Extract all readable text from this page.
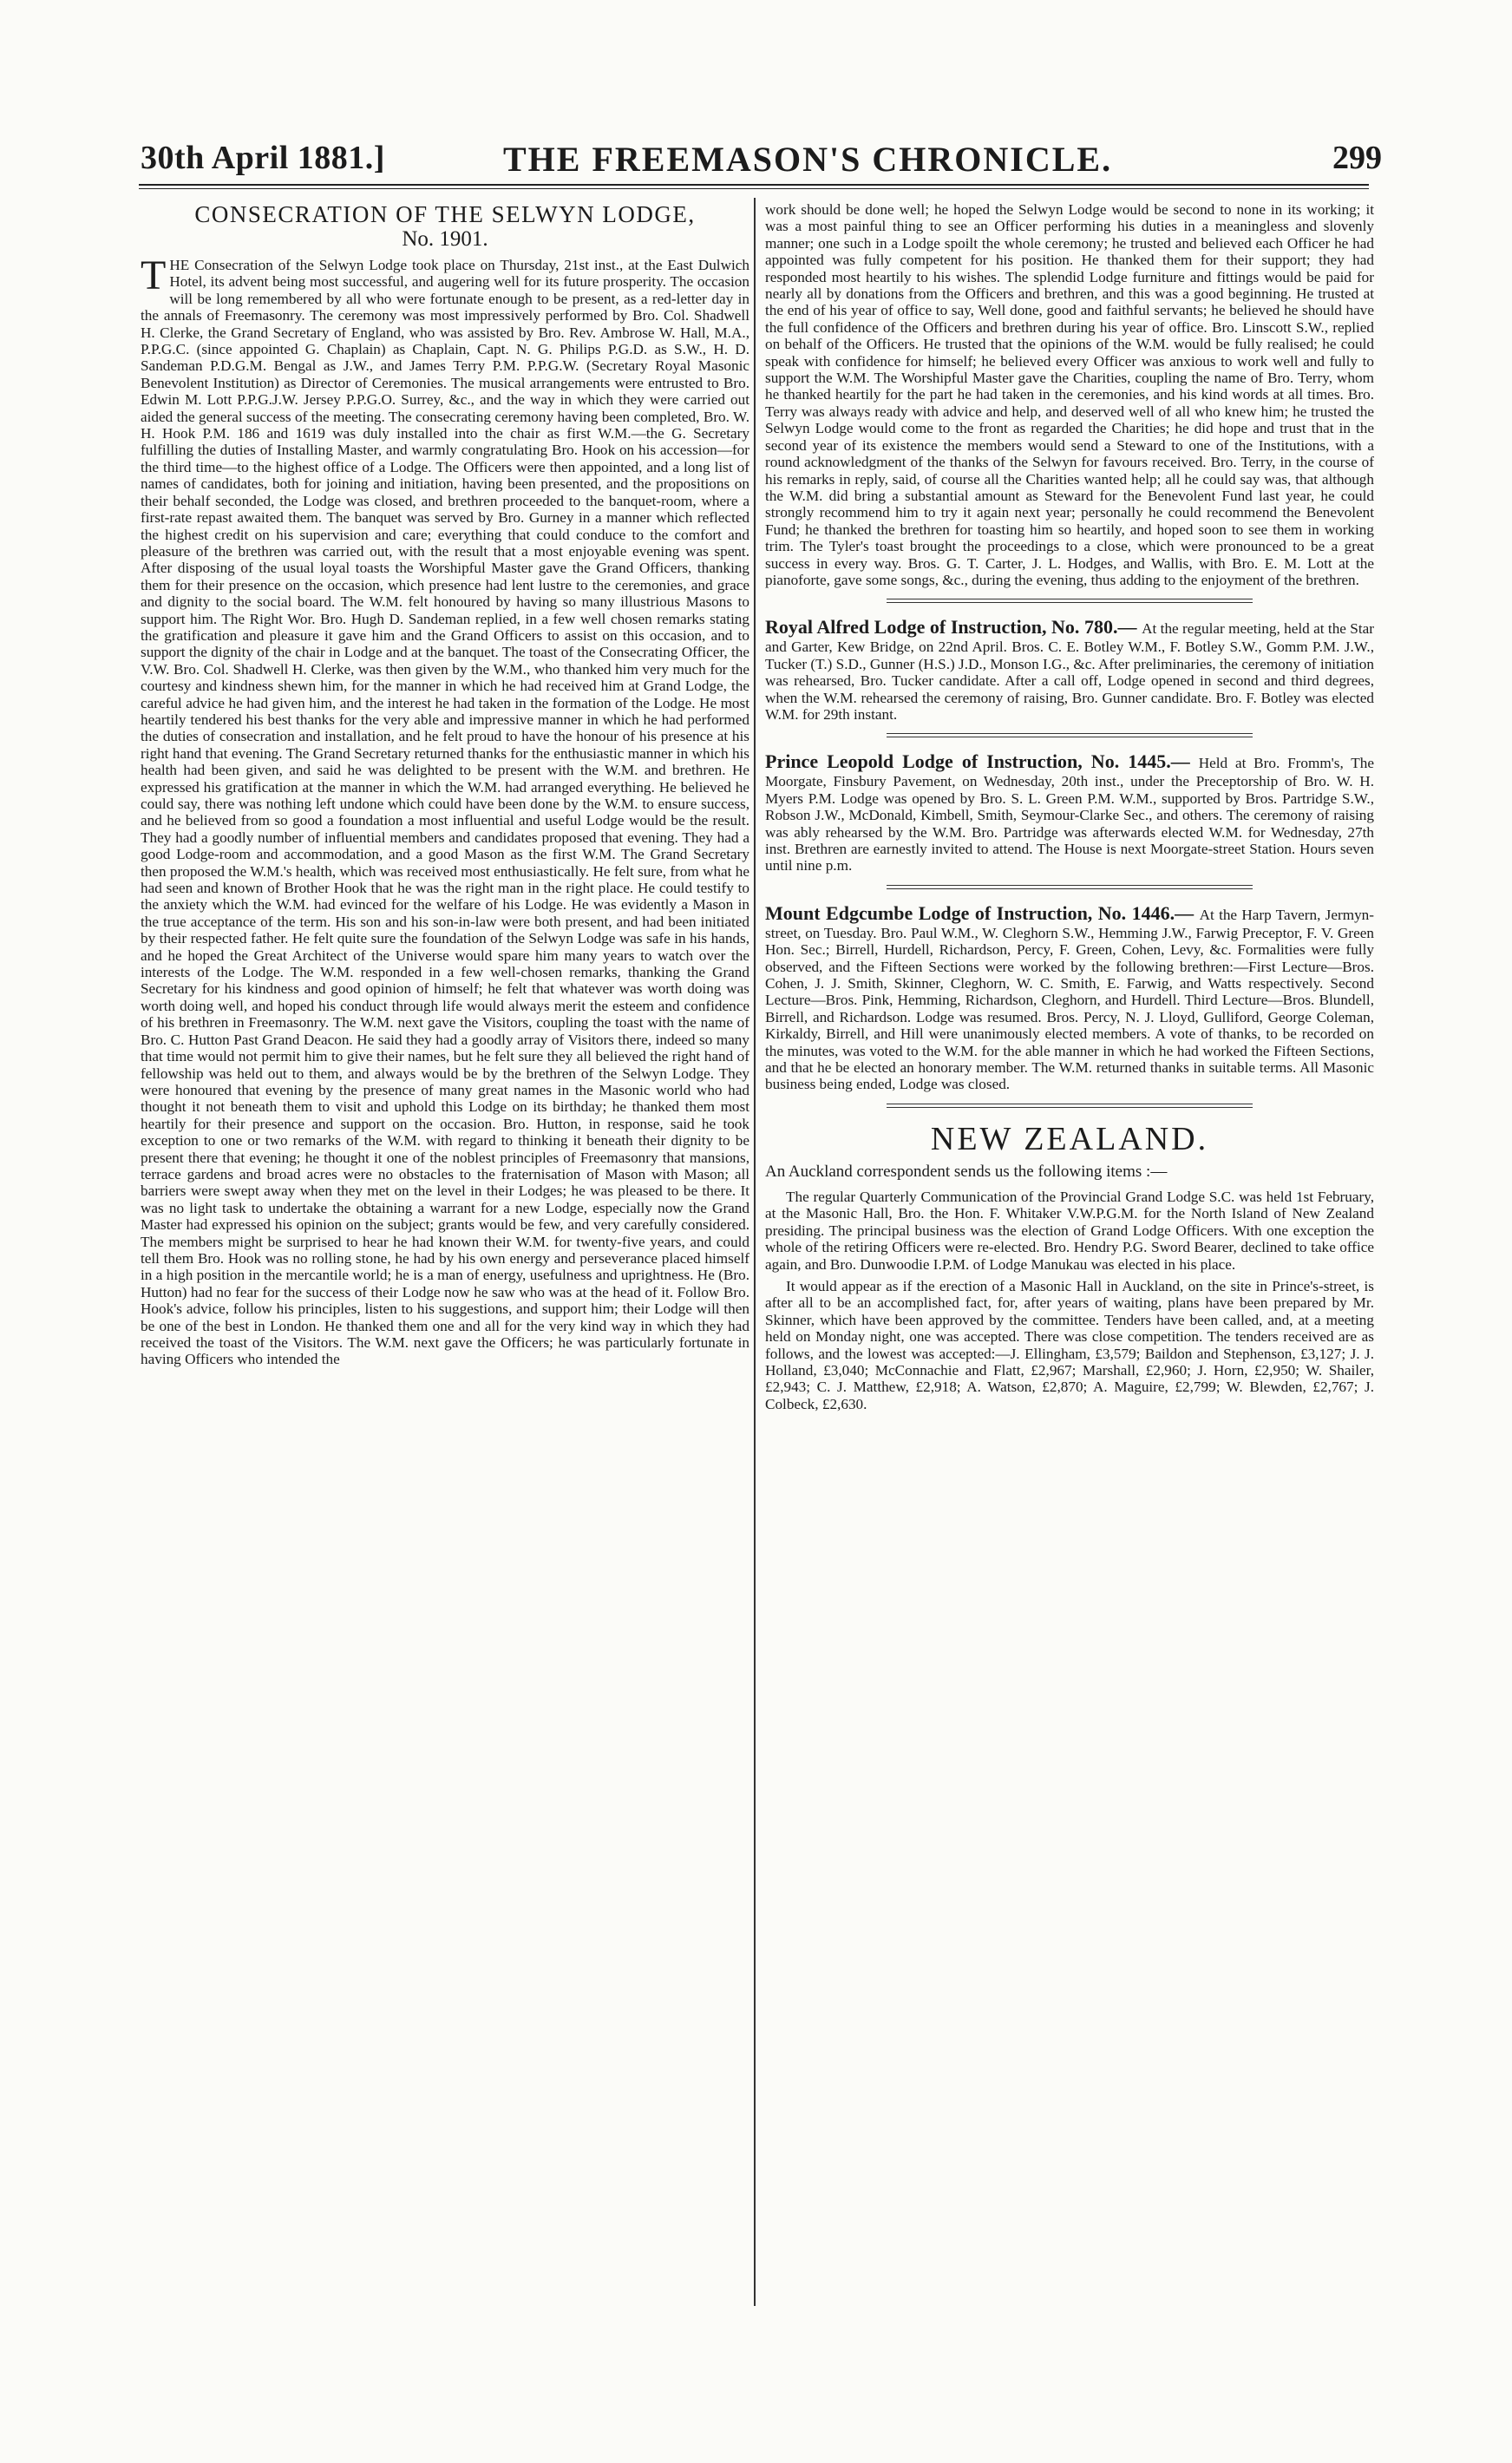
30th April 1881.]	THE FREEMASON'S CHRONICLE.	299

CONSECRATION OF THE SELWYN LODGE,

No. 1901.

T HE Consecration of the Selwyn Lodge took place on Thursday, 21st inst., at the East Dulwich Hotel, its advent being most successful, and augering well for its future prosperity. The occasion will be long remembered by all who were fortunate enough to be present, as a red-letter day in the annals of Freemasonry. The ceremony was most impressively performed by Bro. Col. Shadwell H. Clerke, the Grand Secretary of England, who was assisted by Bro. Rev. Ambrose W. Hall, M.A., P.P.G.C. (since appointed G. Chaplain) as Chaplain, Capt. N. G. Philips P.G.D. as S.W., H. D. Sandeman P.D.G.M. Bengal as J.W., and James Terry P.M. P.P.G.W. (Secretary Royal Masonic Benevolent Institution) as Director of Ceremonies. The musical arrangements were entrusted to Bro. Edwin M. Lott P.P.G.J.W. Jersey P.P.G.O. Surrey, &c., and the way in which they were carried out aided the general success of the meeting. The consecrating ceremony having been completed, Bro. W. H. Hook P.M. 186 and 1619 was duly installed into the chair as first W.M.—the G. Secretary fulfilling the duties of Installing Master, and warmly congratulating Bro. Hook on his accession—for the third time—to the highest office of a Lodge. The Officers were then appointed, and a long list of names of candidates, both for joining and initiation, having been presented, and the propositions on their behalf seconded, the Lodge was closed, and brethren proceeded to the banquet-room, where a first-rate repast awaited them. The banquet was served by Bro. Gurney in a manner which reflected the highest credit on his supervision and care; everything that could conduce to the comfort and pleasure of the brethren was carried out, with the result that a most enjoyable evening was spent. After disposing of the usual loyal toasts the Worshipful Master gave the Grand Officers, thanking them for their presence on the occasion, which presence had lent lustre to the ceremonies, and grace and dignity to the social board. The W.M. felt honoured by having so many illustrious Masons to support him. The Right Wor. Bro. Hugh D. Sandeman replied, in a few well chosen remarks stating the gratification and pleasure it gave him and the Grand Officers to assist on this occasion, and to support the dignity of the chair in Lodge and at the banquet. The toast of the Consecrating Officer, the V.W. Bro. Col. Shadwell H. Clerke, was then given by the W.M., who thanked him very much for the courtesy and kindness shewn him, for the manner in which he had received him at Grand Lodge, the careful advice he had given him, and the interest he had taken in the formation of the Lodge. He most heartily tendered his best thanks for the very able and impressive manner in which he had performed the duties of consecration and installation, and he felt proud to have the honour of his presence at his right hand that evening. The Grand Secretary returned thanks for the enthusiastic manner in which his health had been given, and said he was delighted to be present with the W.M. and brethren. He expressed his gratification at the manner in which the W.M. had arranged everything. He believed he could say, there was nothing left undone which could have been done by the W.M. to ensure success, and he believed from so good a foundation a most influential and useful Lodge would be the result. They had a goodly number of influential members and candidates proposed that evening. They had a good Lodge-room and accommodation, and a good Mason as the first W.M. The Grand Secretary then proposed the W.M.'s health, which was received most enthusiastically. He felt sure, from what he had seen and known of Brother Hook that he was the right man in the right place. He could testify to the anxiety which the W.M. had evinced for the welfare of his Lodge. He was evidently a Mason in the true acceptance of the term. His son and his son-in-law were both present, and had been initiated by their respected father. He felt quite sure the foundation of the Selwyn Lodge was safe in his hands, and he hoped the Great Architect of the Universe would spare him many years to watch over the interests of the Lodge. The W.M. responded in a few well-chosen remarks, thanking the Grand Secretary for his kindness and good opinion of himself; he felt that whatever was worth doing was worth doing well, and hoped his conduct through life would always merit the esteem and confidence of his brethren in Freemasonry. The W.M. next gave the Visitors, coupling the toast with the name of Bro. C. Hutton Past Grand Deacon. He said they had a goodly array of Visitors there, indeed so many that time would not permit him to give their names, but he felt sure they all believed the right hand of fellowship was held out to them, and always would be by the brethren of the Selwyn Lodge. They were honoured that evening by the presence of many great names in the Masonic world who had thought it not beneath them to visit and uphold this Lodge on its birthday; he thanked them most heartily for their presence and support on the occasion. Bro. Hutton, in response, said he took exception to one or two remarks of the W.M. with regard to thinking it beneath their dignity to be present there that evening; he thought it one of the noblest principles of Freemasonry that mansions, terrace gardens and broad acres were no obstacles to the fraternisation of Mason with Mason; all barriers were swept away when they met on the level in their Lodges; he was pleased to be there. It was no light task to undertake the obtaining a warrant for a new Lodge, especially now the Grand Master had expressed his opinion on the subject; grants would be few, and very carefully considered. The members might be surprised to hear he had known their W.M. for twenty-five years, and could tell them Bro. Hook was no rolling stone, he had by his own energy and perseverance placed himself in a high position in the mercantile world; he is a man of energy, usefulness and uprightness. He (Bro. Hutton) had no fear for the success of their Lodge now he saw who was at the head of it. Follow Bro. Hook's advice, follow his principles, listen to his suggestions, and support him; their Lodge will then be one of the best in London. He thanked them one and all for the very kind way in which they had received the toast of the Visitors. The W.M. next gave the Officers; he was particularly fortunate in having Officers who intended the

work should be done well; he hoped the Selwyn Lodge would be second to none in its working; it was a most painful thing to see an Officer performing his duties in a meaningless and slovenly manner; one such in a Lodge spoilt the whole ceremony; he trusted and believed each Officer he had appointed was fully competent for his position. He thanked them for their support; they had responded most heartily to his wishes. The splendid Lodge furniture and fittings would be paid for nearly all by donations from the Officers and brethren, and this was a good beginning. He trusted at the end of his year of office to say, Well done, good and faithful servants; he believed he should have the full confidence of the Officers and brethren during his year of office. Bro. Linscott S.W., replied on behalf of the Officers. He trusted that the opinions of the W.M. would be fully realised; he could speak with confidence for himself; he believed every Officer was anxious to work well and fully to support the W.M. The Worshipful Master gave the Charities, coupling the name of Bro. Terry, whom he thanked heartily for the part he had taken in the ceremonies, and his kind words at all times. Bro. Terry was always ready with advice and help, and deserved well of all who knew him; he trusted the Selwyn Lodge would come to the front as regarded the Charities; he did hope and trust that in the second year of its existence the members would send a Steward to one of the Institutions, with a round acknowledgment of the thanks of the Selwyn for favours received. Bro. Terry, in the course of his remarks in reply, said, of course all the Charities wanted help; all he could say was, that although the W.M. did bring a substantial amount as Steward for the Benevolent Fund last year, he could strongly recommend him to try it again next year; personally he could recommend the Benevolent Fund; he thanked the brethren for toasting him so heartily, and hoped soon to see them in working trim. The Tyler's toast brought the proceedings to a close, which were pronounced to be a great success in every way. Bros. G. T. Carter, J. L. Hodges, and Wallis, with Bro. E. M. Lott at the pianoforte, gave some songs, &c., during the evening, thus adding to the enjoyment of the brethren.

Royal Alfred Lodge of Instruction, No. 780.— At the regular meeting, held at the Star and Garter, Kew Bridge, on 22nd April. Bros. C. E. Botley W.M., F. Botley S.W., Gomm P.M. J.W., Tucker (T.) S.D., Gunner (H.S.) J.D., Monson I.G., &c. After preliminaries, the ceremony of initiation was rehearsed, Bro. Tucker candidate. After a call off, Lodge opened in second and third degrees, when the W.M. rehearsed the ceremony of raising, Bro. Gunner candidate. Bro. F. Botley was elected W.M. for 29th instant.

Prince Leopold Lodge of Instruction, No. 1445.— Held at Bro. Fromm's, The Moorgate, Finsbury Pavement, on Wednesday, 20th inst., under the Preceptorship of Bro. W. H. Myers P.M. Lodge was opened by Bro. S. L. Green P.M. W.M., supported by Bros. Partridge S.W., Robson J.W., McDonald, Kimbell, Smith, Seymour-Clarke Sec., and others. The ceremony of raising was ably rehearsed by the W.M. Bro. Partridge was afterwards elected W.M. for Wednesday, 27th inst. Brethren are earnestly invited to attend. The House is next Moorgate-street Station. Hours seven until nine p.m.

Mount Edgcumbe Lodge of Instruction, No. 1446.— At the Harp Tavern, Jermyn-street, on Tuesday. Bro. Paul W.M., W. Cleghorn S.W., Hemming J.W., Farwig Preceptor, F. V. Green Hon. Sec.; Birrell, Hurdell, Richardson, Percy, F. Green, Cohen, Levy, &c. Formalities were fully observed, and the Fifteen Sections were worked by the following brethren:—First Lecture—Bros. Cohen, J. J. Smith, Skinner, Cleghorn, W. C. Smith, E. Farwig, and Watts respectively. Second Lecture—Bros. Pink, Hemming, Richardson, Cleghorn, and Hurdell. Third Lecture—Bros. Blundell, Birrell, and Richardson. Lodge was resumed. Bros. Percy, N. J. Lloyd, Gulliford, George Coleman, Kirkaldy, Birrell, and Hill were unanimously elected members. A vote of thanks, to be recorded on the minutes, was voted to the W.M. for the able manner in which he had worked the Fifteen Sections, and that he be elected an honorary member. The W.M. returned thanks in suitable terms. All Masonic business being ended, Lodge was closed.

NEW ZEALAND.

An Auckland correspondent sends us the following items :—

The regular Quarterly Communication of the Provincial Grand Lodge S.C. was held 1st February, at the Masonic Hall, Bro. the Hon. F. Whitaker V.W.P.G.M. for the North Island of New Zealand presiding. The principal business was the election of Grand Lodge Officers. With one exception the whole of the retiring Officers were re-elected. Bro. Hendry P.G. Sword Bearer, declined to take office again, and Bro. Dunwoodie I.P.M. of Lodge Manukau was elected in his place.

It would appear as if the erection of a Masonic Hall in Auckland, on the site in Prince's-street, is after all to be an accomplished fact, for, after years of waiting, plans have been prepared by Mr. Skinner, which have been approved by the committee. Tenders have been called, and, at a meeting held on Monday night, one was accepted. There was close competition. The tenders received are as follows, and the lowest was accepted:—J. Ellingham, £3,579; Baildon and Stephenson, £3,127; J. J. Holland, £3,040; McConnachie and Flatt, £2,967; Marshall, £2,960; J. Horn, £2,950; W. Shailer, £2,943; C. J. Matthew, £2,918; A. Watson, £2,870; A. Maguire, £2,799; W. Blewden, £2,767; J. Colbeck, £2,630.
